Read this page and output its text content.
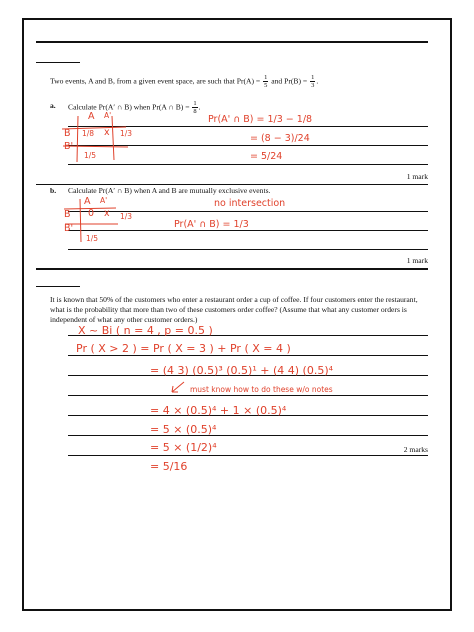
Two events, A and B, from a given event space, are such that $Pr(A) = \frac{1}{5}$ and $Pr(B) = \frac{1}{3}$ .
a. Calculate Pr(A′ ∩ B) when Pr(A ∩ $B) = \frac{1}{8}$ .
1 mark
A A'
B 1/8 x 1/3
B'
1/5
Pr(A' ∩ B) = 1/3 − 1/8
= (8 − 3)/24
= 5/24
b. Calculate Pr(A′ ∩ B) when A and B are mutually exclusive events.
1 mark
A A'
B 0 x
B'
1/3
1/5
no intersection
Pr(A' ∩ B) = 1/3
It is known that 50% of the customers who enter a restaurant order a cup of coffee. If four customers enter the restaurant, what is the probability that more than two of these customers order coffee? (Assume that what any customer orders is independent of what any other customer orders.)
2 marks
X ~ Bi ( n = 4 , p = 0.5 )
Pr ( X > 2 ) = Pr ( X = 3 ) + Pr ( X = 4 )
= (4 3) (0.5)³ (0.5)¹ + (4 4) (0.5)⁴
must know how to do these w/o notes
= 4 × (0.5)⁴ + 1 × (0.5)⁴
= 5 × (0.5)⁴
= 5 × (1/2)⁴
= 5/16
